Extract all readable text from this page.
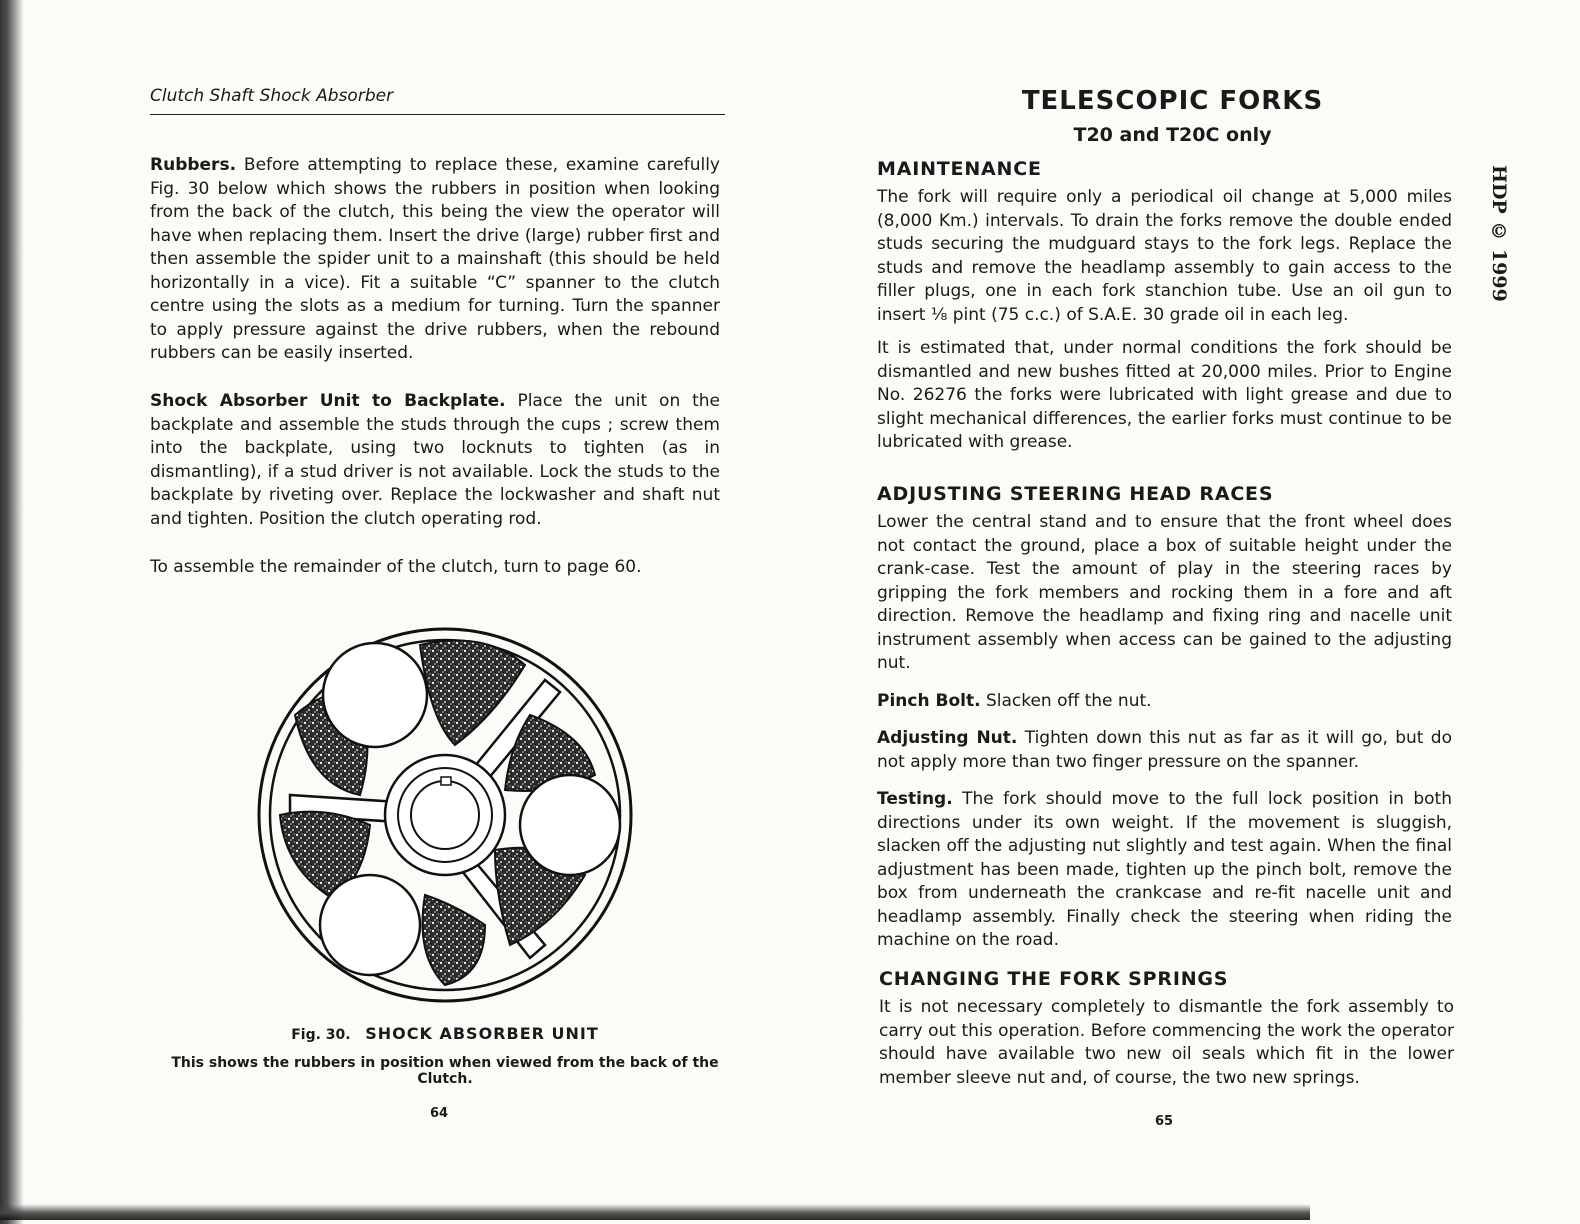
Clutch Shaft Shock Absorber

Rubbers. Before attempting to replace these, examine carefully Fig. 30 below which shows the rubbers in position when looking from the back of the clutch, this being the view the operator will have when replacing them. Insert the drive (large) rubber first and then assemble the spider unit to a mainshaft (this should be held horizontally in a vice). Fit a suitable “C” spanner to the clutch centre using the slots as a medium for turning. Turn the spanner to apply pressure against the drive rubbers, when the rebound rubbers can be easily inserted.

Shock Absorber Unit to Backplate. Place the unit on the backplate and assemble the studs through the cups ; screw them into the backplate, using two locknuts to tighten (as in dismantling), if a stud driver is not available. Lock the studs to the backplate by riveting over. Replace the lockwasher and shaft nut and tighten. Position the clutch operating rod.

To assemble the remainder of the clutch, turn to page 60.

Fig. 30. SHOCK ABSORBER UNIT
This shows the rubbers in position when viewed from the back of the Clutch.
64
TELESCOPIC FORKS
T20 and T20C only
MAINTENANCE

The fork will require only a periodical oil change at 5,000 miles (8,000 Km.) intervals. To drain the forks remove the double ended studs securing the mudguard stays to the fork legs. Replace the studs and remove the headlamp assembly to gain access to the filler plugs, one in each fork stanchion tube. Use an oil gun to insert ⅛ pint (75 c.c.) of S.A.E. 30 grade oil in each leg.

It is estimated that, under normal conditions the fork should be dismantled and new bushes fitted at 20,000 miles. Prior to Engine No. 26276 the forks were lubricated with light grease and due to slight mechanical differences, the earlier forks must continue to be lubricated with grease.

ADJUSTING STEERING HEAD RACES

Lower the central stand and to ensure that the front wheel does not contact the ground, place a box of suitable height under the crank-case. Test the amount of play in the steering races by gripping the fork members and rocking them in a fore and aft direction. Remove the headlamp and fixing ring and nacelle unit instrument assembly when access can be gained to the adjusting nut.

Pinch Bolt. Slacken off the nut.

Adjusting Nut. Tighten down this nut as far as it will go, but do not apply more than two finger pressure on the spanner.

Testing. The fork should move to the full lock position in both directions under its own weight. If the movement is sluggish, slacken off the adjusting nut slightly and test again. When the final adjustment has been made, tighten up the pinch bolt, remove the box from underneath the crankcase and re-fit nacelle unit and headlamp assembly. Finally check the steering when riding the machine on the road.

CHANGING THE FORK SPRINGS

It is not necessary completely to dismantle the fork assembly to carry out this operation. Before commencing the work the operator should have available two new oil seals which fit in the lower member sleeve nut and, of course, the two new springs.

65
HDP © 1999
